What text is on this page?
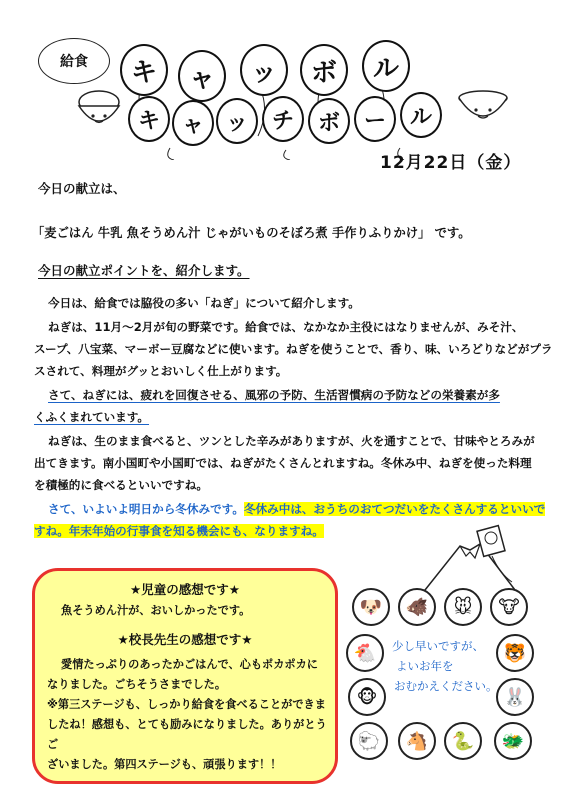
給食 キ ャ ッ ボ ル
キ ャ ッ チ ボ ー ル
12月22日（金）
今日の献立は、
「麦ごはん 牛乳 魚そうめん汁 じゃがいものそぼろ煮 手作りふりかけ」 です。
今日の献立ポイントを、紹介します。
今日は、給食では脇役の多い「ねぎ」について紹介します。
ねぎは、11月～2月が旬の野菜です。給食では、なかなか主役にはなりませんが、みそ汁、
スープ、八宝菜、マーボー豆腐などに使います。ねぎを使うことで、香り、味、いろどりなどがプラ
スされて、料理がグッとおいしく仕上がります。
さて、ねぎには、疲れを回復させる、風邪の予防、生活習慣病の予防などの栄養素が多
くふくまれています。
ねぎは、生のまま食べると、ツンとした辛みがありますが、火を通すことで、甘味やとろみが
出てきます。南小国町や小国町では、ねぎがたくさんとれますね。冬休み中、ねぎを使った料理
を積極的に食べるといいですね。
さて、いよいよ明日から冬休みです。冬休み中は、おうちのおてつだいをたくさんするといいで
すね。年末年始の行事食を知る機会にも、なりますね。
★児童の感想です★
魚そうめん汁が、おいしかったです。
★校長先生の感想です★
愛情たっぷりのあったかごはんで、心もポカポカに
なりました。ごちそうさまでした。
※第三ステージも、しっかり給食を食べることができま
したね！感想も、とても励みになりました。ありがとうご
ざいました。第四ステージも、頑張ります！！
🐶	🐗	🐭	🐮
🐔	🐯
🐵	🐰
🐑	🐴	🐍	🐲
少し早いですが、
よいお年を
おむかえください。
